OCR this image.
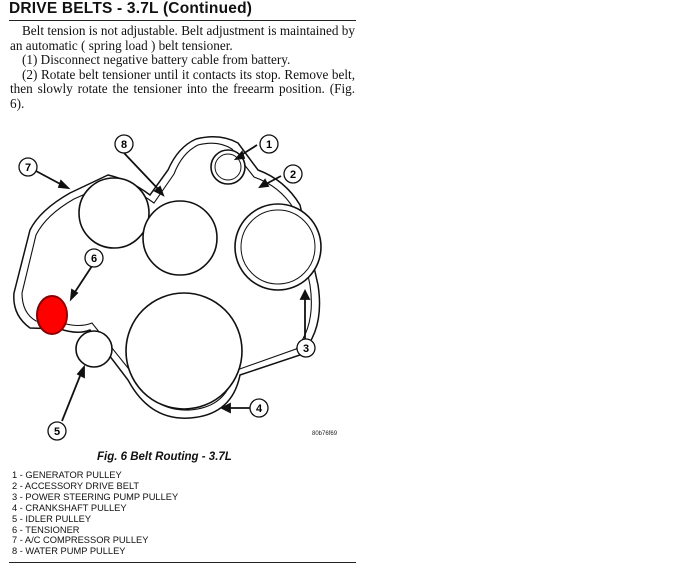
DRIVE BELTS - 3.7L (Continued)

Belt tension is not adjustable. Belt adjustment is maintained by an automatic ( spring load ) belt tensioner.

(1) Disconnect negative battery cable from battery.

(2) Rotate belt tensioner until it contacts its stop. Remove belt, then slowly rotate the tensioner into the freearm position. (Fig. 6).

1
2
3
4
5
6
7
8
80b76f69
Fig. 6 Belt Routing - 3.7L
1 - GENERATOR PULLEY
2 - ACCESSORY DRIVE BELT
3 - POWER STEERING PUMP PULLEY
4 - CRANKSHAFT PULLEY
5 - IDLER PULLEY
6 - TENSIONER
7 - A/C COMPRESSOR PULLEY
8 - WATER PUMP PULLEY
